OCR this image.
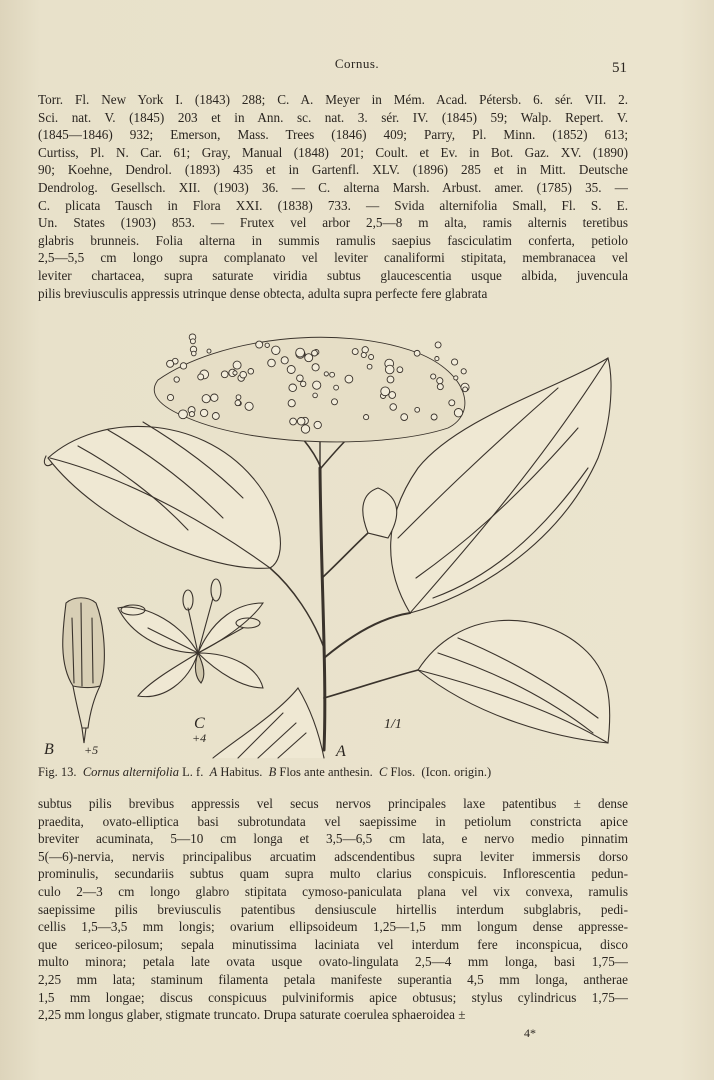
Cornus.	51
Torr. Fl. New York I. (1843) 288; C. A. Meyer in Mém. Acad. Pétersb. 6. sér. VII. 2.
Sci. nat. V. (1845) 203 et in Ann. sc. nat. 3. sér. IV. (1845) 59; Walp. Repert. V.
(1845—1846) 932; Emerson, Mass. Trees (1846) 409; Parry, Pl. Minn. (1852) 613;
Curtiss, Pl. N. Car. 61; Gray, Manual (1848) 201; Coult. et Ev. in Bot. Gaz. XV. (1890)
90; Koehne, Dendrol. (1893) 435 et in Gartenfl. XLV. (1896) 285 et in Mitt. Deutsche
Dendrolog. Gesellsch. XII. (1903) 36. — C. alterna Marsh. Arbust. amer. (1785) 35. —
C. plicata Tausch in Flora XXI. (1838) 733. — Svida alternifolia Small, Fl. S. E.
Un. States (1903) 853. — Frutex vel arbor 2,5—8 m alta, ramis alternis teretibus
glabris brunneis. Folia alterna in summis ramulis saepius fasciculatim conferta, petiolo
2,5—5,5 cm longo supra complanato vel leviter canaliformi stipitata, membranacea vel
leviter chartacea, supra saturate viridia subtus glaucescentia usque albida, juvencula
pilis breviusculis appressis utrinque dense obtecta, adulta supra perfecte fere glabrata
A
B	+5
C
+4
1/1
Fig. 13. Cornus alternifolia L. f. A Habitus. B Flos ante anthesin. C Flos. (Icon. origin.)
subtus pilis brevibus appressis vel secus nervos principales laxe patentibus ± dense
praedita, ovato-elliptica basi subrotundata vel saepissime in petiolum constricta apice
breviter acuminata, 5—10 cm longa et 3,5—6,5 cm lata, e nervo medio pinnatim
5(—6)-nervia, nervis principalibus arcuatim adscendentibus supra leviter immersis dorso
prominulis, secundariis subtus quam supra multo clarius conspicuis. Inflorescentia pedun-
culo 2—3 cm longo glabro stipitata cymoso-paniculata plana vel vix convexa, ramulis
saepissime pilis breviusculis patentibus densiuscule hirtellis interdum subglabris, pedi-
cellis 1,5—3,5 mm longis; ovarium ellipsoideum 1,25—1,5 mm longum dense appresse-
que sericeo-pilosum; sepala minutissima laciniata vel interdum fere inconspicua, disco
multo minora; petala late ovata usque ovato-lingulata 2,5—4 mm longa, basi 1,75—
2,25 mm lata; staminum filamenta petala manifeste superantia 4,5 mm longa, antherae
1,5 mm longae; discus conspicuus pulviniformis apice obtusus; stylus cylindricus 1,75—
2,25 mm longus glaber, stigmate truncato. Drupa saturate coerulea sphaeroidea ±
4*
